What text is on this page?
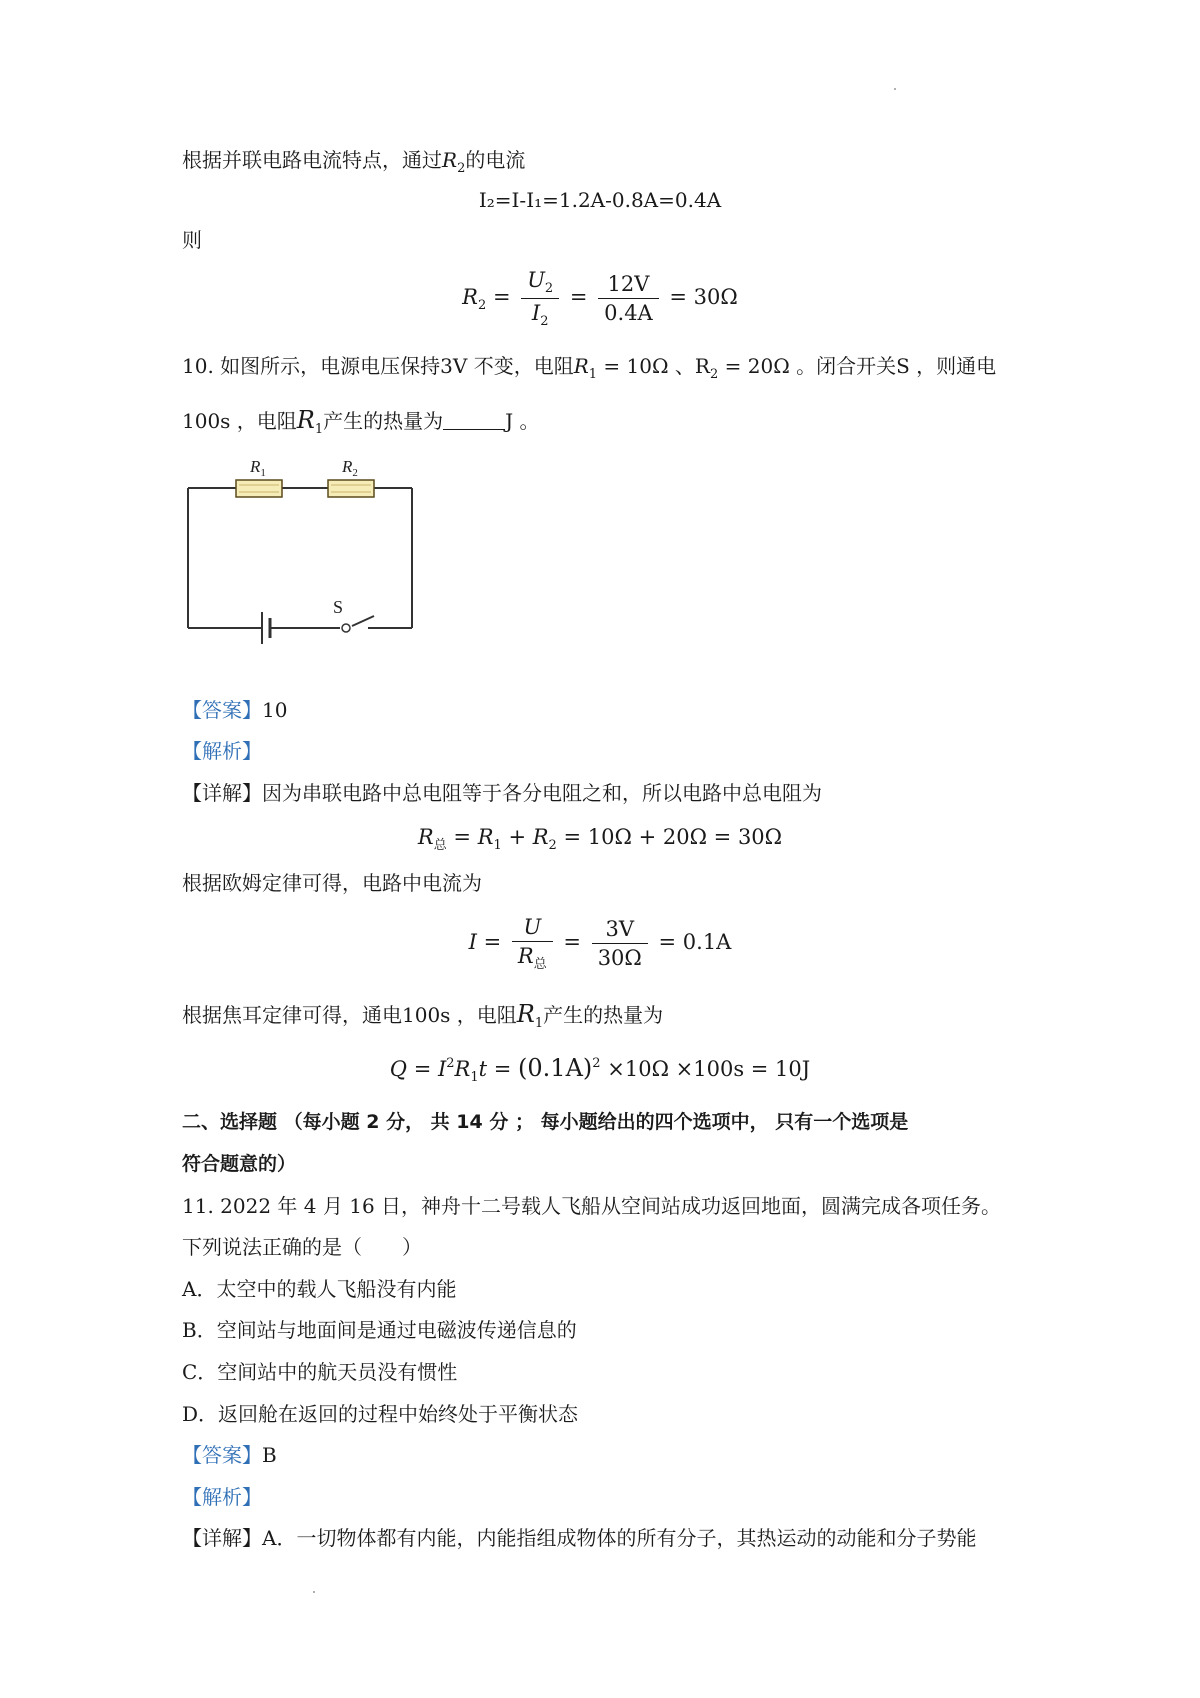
根据并联电路电流特点，通过$R_2$的电流
I₂=I-I₁=1.2A-0.8A=0.4A
则
$R_2 = \frac{U_2}{I_2} = \frac{12V}{0.4A} = 30\Omega$
10. 如图所示，电源电压保持3V 不变，电阻$R_1 = 10\Omega$ 、$R_2 = 20\Omega$ 。闭合开关S ，则通电
100s ，电阻$R_1$产生的热量为	J 。
$R_1$	$R_2$
S
【答案】10
【解析】
【详解】因为串联电路中总电阻等于各分电阻之和，所以电路中总电阻为
$R_总 = R_1 + R_2 = 10\Omega + 20\Omega = 30\Omega$
根据欧姆定律可得，电路中电流为
$I = \frac{U}{R_总} = \frac{3V}{30\Omega} = 0.1A$
根据焦耳定律可得，通电100s ，电阻$R_1$产生的热量为
$Q = I^2R_1t = (0.1A)^2 \times 10\Omega \times 100s = 10J$
二、选择题 （每小题 2 分， 共 14 分 ； 每小题给出的四个选项中， 只有一个选项是
符合题意的）
11. 2022 年 4 月 16 日，神舟十二号载人飞船从空间站成功返回地面，圆满完成各项任务。
下列说法正确的是（　　）
A．太空中的载人飞船没有内能
B．空间站与地面间是通过电磁波传递信息的
C．空间站中的航天员没有惯性
D．返回舱在返回的过程中始终处于平衡状态
【答案】B
【解析】
【详解】A．一切物体都有内能，内能指组成物体的所有分子，其热运动的动能和分子势能
